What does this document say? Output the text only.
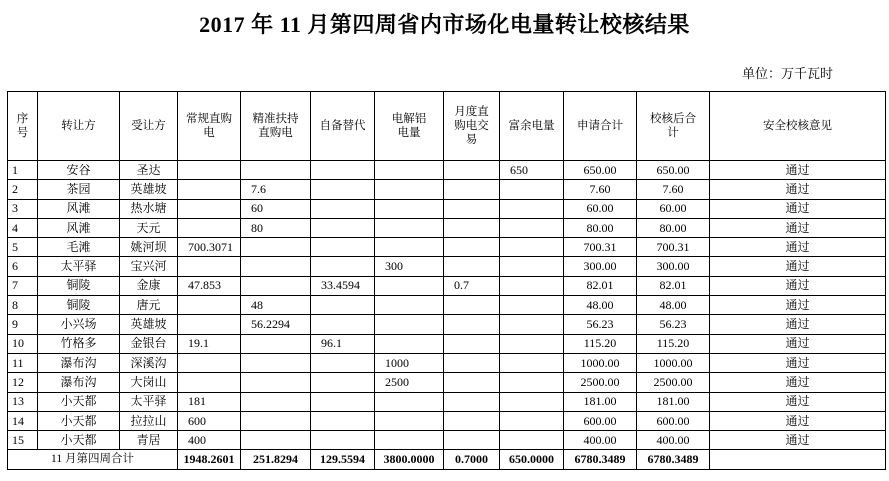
2017 年 11 月第四周省内市场化电量转让校核结果
单位：万千瓦时
序号	转让方	受让方	常规直购电	精准扶持直购电	自备替代	电解铝电量	月度直购电交易	富余电量	申请合计	校核后合计	安全校核意见
1	安谷	圣达						650	650.00	650.00	通过
2	茶园	英雄坡		7.6					7.60	7.60	通过
3	风滩	热水塘		60					60.00	60.00	通过
4	风滩	天元		80					80.00	80.00	通过
5	毛滩	姚河坝	700.3071						700.31	700.31	通过
6	太平驿	宝兴河				300			300.00	300.00	通过
7	铜陵	金康	47.853		33.4594		0.7		82.01	82.01	通过
8	铜陵	唐元		48					48.00	48.00	通过
9	小兴场	英雄坡		56.2294					56.23	56.23	通过
10	竹格多	金银台	19.1		96.1				115.20	115.20	通过
11	瀑布沟	深溪沟				1000			1000.00	1000.00	通过
12	瀑布沟	大岗山				2500			2500.00	2500.00	通过
13	小天都	太平驿	181						181.00	181.00	通过
14	小天都	拉拉山	600						600.00	600.00	通过
15	小天都	青居	400						400.00	400.00	通过
11 月第四周合计			1948.2601	251.8294	129.5594	3800.0000	0.7000	650.0000	6780.3489	6780.3489	
